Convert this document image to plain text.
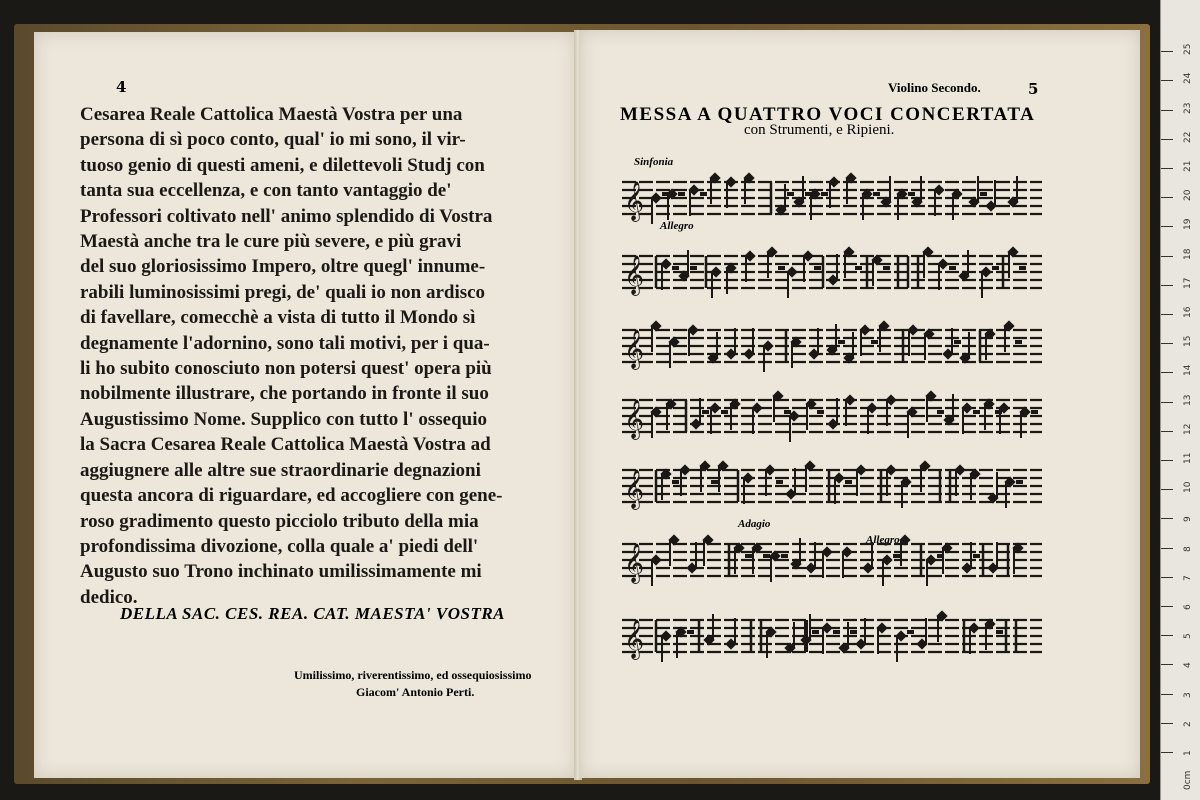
4
Cesarea Reale Cattolica Maestà Vostra per una
persona di sì poco conto, qual' io mi sono, il vir-
tuoso genio di questi ameni, e dilettevoli Studj con
tanta sua eccellenza, e con tanto vantaggio de'
Professori coltivato nell' animo splendido di Vostra
Maestà anche tra le cure più severe, e più gravi
del suo gloriosissimo Impero, oltre quegl' innume-
rabili luminosissimi pregi, de' quali io non ardisco
di favellare, comecchè a vista di tutto il Mondo sì
degnamente l'adornino, sono tali motivi, per i qua-
li ho subito conosciuto non potersi quest' opera più
nobilmente illustrare, che portando in fronte il suo
Augustissimo Nome. Supplico con tutto l' ossequio
la Sacra Cesarea Reale Cattolica Maestà Vostra ad
aggiugnere alle altre sue straordinarie degnazioni
questa ancora di riguardare, ed accogliere con gene-
roso gradimento questo picciolo tributo della mia
profondissima divozione, colla quale a' piedi dell'
Augusto suo Trono inchinato umilissimamente mi
dedico.
DELLA SAC. CES. REA. CAT. MAESTA' VOSTRA
Umilissimo, riverentissimo, ed ossequiosissimo
Giacom' Antonio Perti.
Violino Secondo.	5
MESSA A QUATTRO VOCI CONCERTATA
con Strumenti, e Ripieni.
Sinfonia
Allegro
Adagio
Allegro
𝄞
𝄞
𝄞
𝄞
𝄞
𝄞
𝄞
0cm
1
2
3
4
5
6
7
8
9
10
11
12
13
14
15
16
17
18
19
20
21
22
23
24
25
